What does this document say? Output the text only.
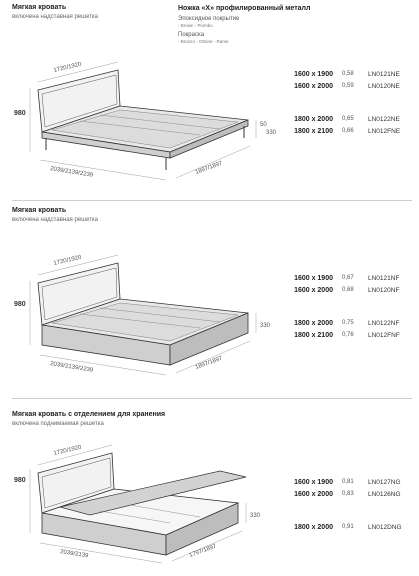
Мягкая кровать
включена надставная решетка
Ножка «X» профилированный металл
Эпоксидное покрытие
- Brown - Piombo
Покраска
- Bronzo - Ottone - Rame
980
1720/1920
2039/2139/2239	1897/1897
50
330
1600 x 1900 0,58 LN0121NE
1600 x 2000 0,59 LN0120NE
1800 x 2000 0,65 LN0122NE
1800 x 2100 0,66 LN012FNE
Мягкая кровать
включена надставная решетка
980
1720/1920
2039/2139/2239	1897/1897
330
1600 x 1900 0,67 LN0121NF
1600 x 2000 0,68 LN0120NF
1800 x 2000 0,75 LN0122NF
1800 x 2100 0,76 LN012FNF
Мягкая кровать с отделением для хранения
включена поднимаемая решетка
980
1720/1920
2039/2139	1797/1897
330
1600 x 1900 0,81 LN0127NG
1600 x 2000 0,83 LN0126NG
1800 x 2000 0,91 LN012DNG
